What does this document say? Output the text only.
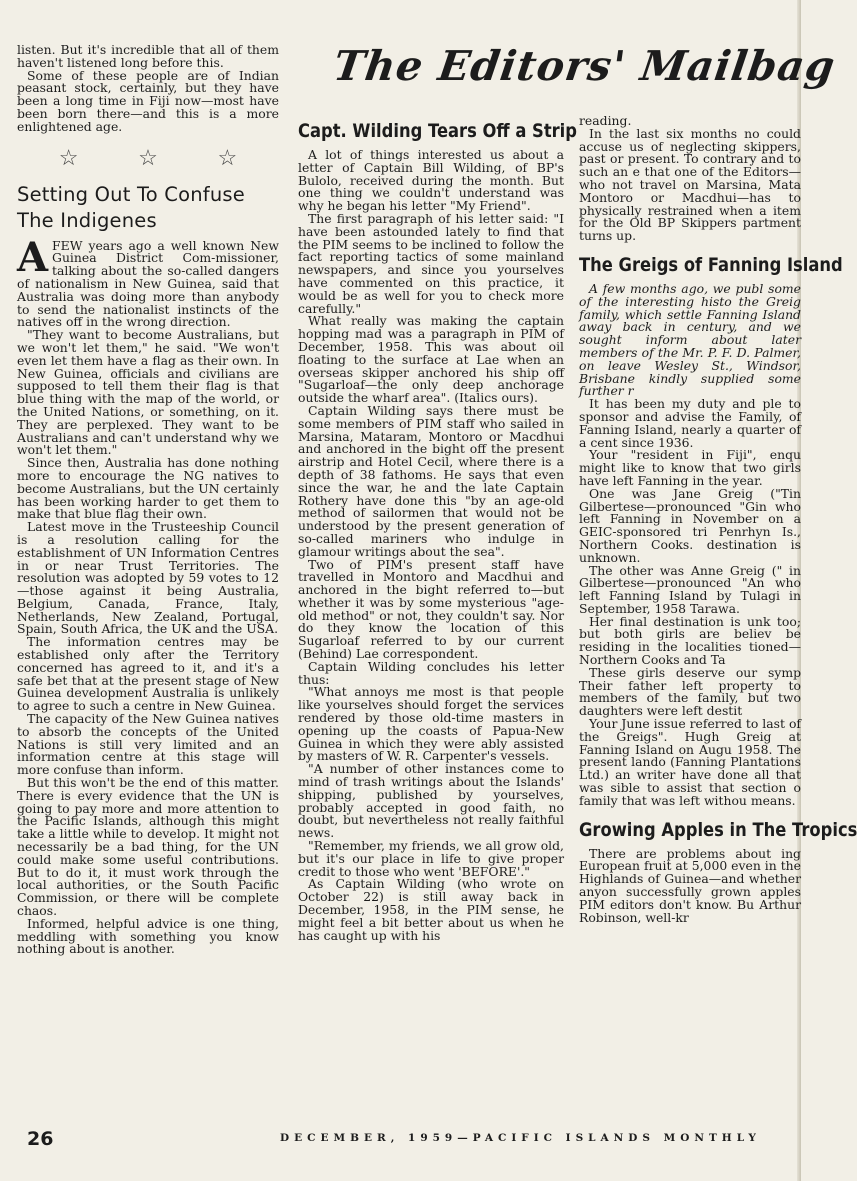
The Editors' Mailbag

listen. But it's incredible that all of them haven't listened long before this.

Some of these people are of Indian peasant stock, certainly, but they have been a long time in Fiji now—most have been born there—and this is a more enlightened age.

☆	☆	☆
Setting Out To Confuse The Indigenes

AFEW years ago a well known New Guinea District Com-missioner, talking about the so-called dangers of nationalism in New Guinea, said that Australia was doing more than anybody to send the nationalist instincts of the natives off in the wrong direction.

"They want to become Australians, but we won't let them," he said. "We won't even let them have a flag as their own. In New Guinea, officials and civilians are supposed to tell them their flag is that blue thing with the map of the world, or the United Nations, or something, on it. They are perplexed. They want to be Australians and can't understand why we won't let them."

Since then, Australia has done nothing more to encourage the NG natives to become Australians, but the UN certainly has been working harder to get them to make that blue flag their own.

Latest move in the Trusteeship Council is a resolution calling for the establishment of UN Information Centres in or near Trust Territories. The resolution was adopted by 59 votes to 12—those against it being Australia, Belgium, Canada, France, Italy, Netherlands, New Zealand, Portugal, Spain, South Africa, the UK and the USA.

The information centres may be established only after the Territory concerned has agreed to it, and it's a safe bet that at the present stage of New Guinea development Australia is unlikely to agree to such a centre in New Guinea.

The capacity of the New Guinea natives to absorb the concepts of the United Nations is still very limited and an information centre at this stage will more confuse than inform.

But this won't be the end of this matter. There is every evidence that the UN is going to pay more and more attention to the Pacific Islands, although this might take a little while to develop. It might not necessarily be a bad thing, for the UN could make some useful contributions. But to do it, it must work through the local authorities, or the South Pacific Commission, or there will be complete chaos.

Informed, helpful advice is one thing, meddling with something you know nothing about is another.

Capt. Wilding Tears Off a Strip

A lot of things interested us about a letter of Captain Bill Wilding, of BP's Bulolo, received during the month. But one thing we couldn't understand was why he began his letter "My Friend".

The first paragraph of his letter said: "I have been astounded lately to find that the PIM seems to be inclined to follow the fact reporting tactics of some mainland newspapers, and since you yourselves have commented on this practice, it would be as well for you to check more carefully."

What really was making the captain hopping mad was a paragraph in PIM of December, 1958. This was about oil floating to the surface at Lae when an overseas skipper anchored his ship off "Sugarloaf—the only deep anchorage outside the wharf area". (Italics ours).

Captain Wilding says there must be some members of PIM staff who sailed in Marsina, Mataram, Montoro or Macdhui and anchored in the bight off the present airstrip and Hotel Cecil, where there is a depth of 38 fathoms. He says that even since the war, he and the late Captain Rothery have done this "by an age-old method of sailormen that would not be understood by the present generation of so-called mariners who indulge in glamour writings about the sea".

Two of PIM's present staff have travelled in Montoro and Macdhui and anchored in the bight referred to—but whether it was by some mysterious "age-old method" or not, they couldn't say. Nor do they know the location of this Sugarloaf referred to by our current (Behind) Lae correspondent.

Captain Wilding concludes his letter thus:

"What annoys me most is that people like yourselves should forget the services rendered by those old-time masters in opening up the coasts of Papua-New Guinea in which they were ably assisted by masters of W. R. Carpenter's vessels.

"A number of other instances come to mind of trash writings about the Islands' shipping, published by yourselves, probably accepted in good faith, no doubt, but nevertheless not really faithful news.

"Remember, my friends, we all grow old, but it's our place in life to give proper credit to those who went 'BEFORE'."

As Captain Wilding (who wrote on October 22) is still away back in December, 1958, in the PIM sense, he might feel a bit better about us when he has caught up with his

reading.

In the last six months no could accuse us of neglecting skippers, past or present. To contrary and to such an e that one of the Editors—who not travel on Marsina, Mata Montoro or Macdhui—has to physically restrained when a item for the Old BP Skippers partment turns up.

The Greigs of Fanning Island

A few months ago, we publ some of the interesting histo the Greig family, which settle Fanning Island away back in century, and we sought inform about later members of the Mr. P. F. D. Palmer, on leave Wesley St., Windsor, Brisbane kindly supplied some further r

It has been my duty and ple to sponsor and advise the Family, of Fanning Island, nearly a quarter of a cent since 1936.

Your "resident in Fiji", enqu might like to know that two girls have left Fanning in the year.

One was Jane Greig ("Tin Gilbertese—pronounced "Gin who left Fanning in November on a GEIC-sponsored tri Penrhyn Is., Northern Cooks. destination is unknown.

The other was Anne Greig (" in Gilbertese—pronounced "An who left Fanning Island by Tulagi in September, 1958 Tarawa.

Her final destination is unk too; but both girls are believ be residing in the localities tioned—Northern Cooks and Ta

These girls deserve our symp Their father left property to members of the family, but two daughters were left destit

Your June issue referred to last of the Greigs". Hugh Greig at Fanning Island on Augu 1958. The present lando (Fanning Plantations Ltd.) an writer have done all that was sible to assist that section o family that was left withou means.

Growing Apples in The Tropics

There are problems about ing European fruit at 5,000 even in the Highlands of Guinea—and whether anyon successfully grown apples PIM editors don't know. Bu Arthur Robinson, well-kr

26	DECEMBER, 1959—PACIFIC ISLANDS MONTHLY
